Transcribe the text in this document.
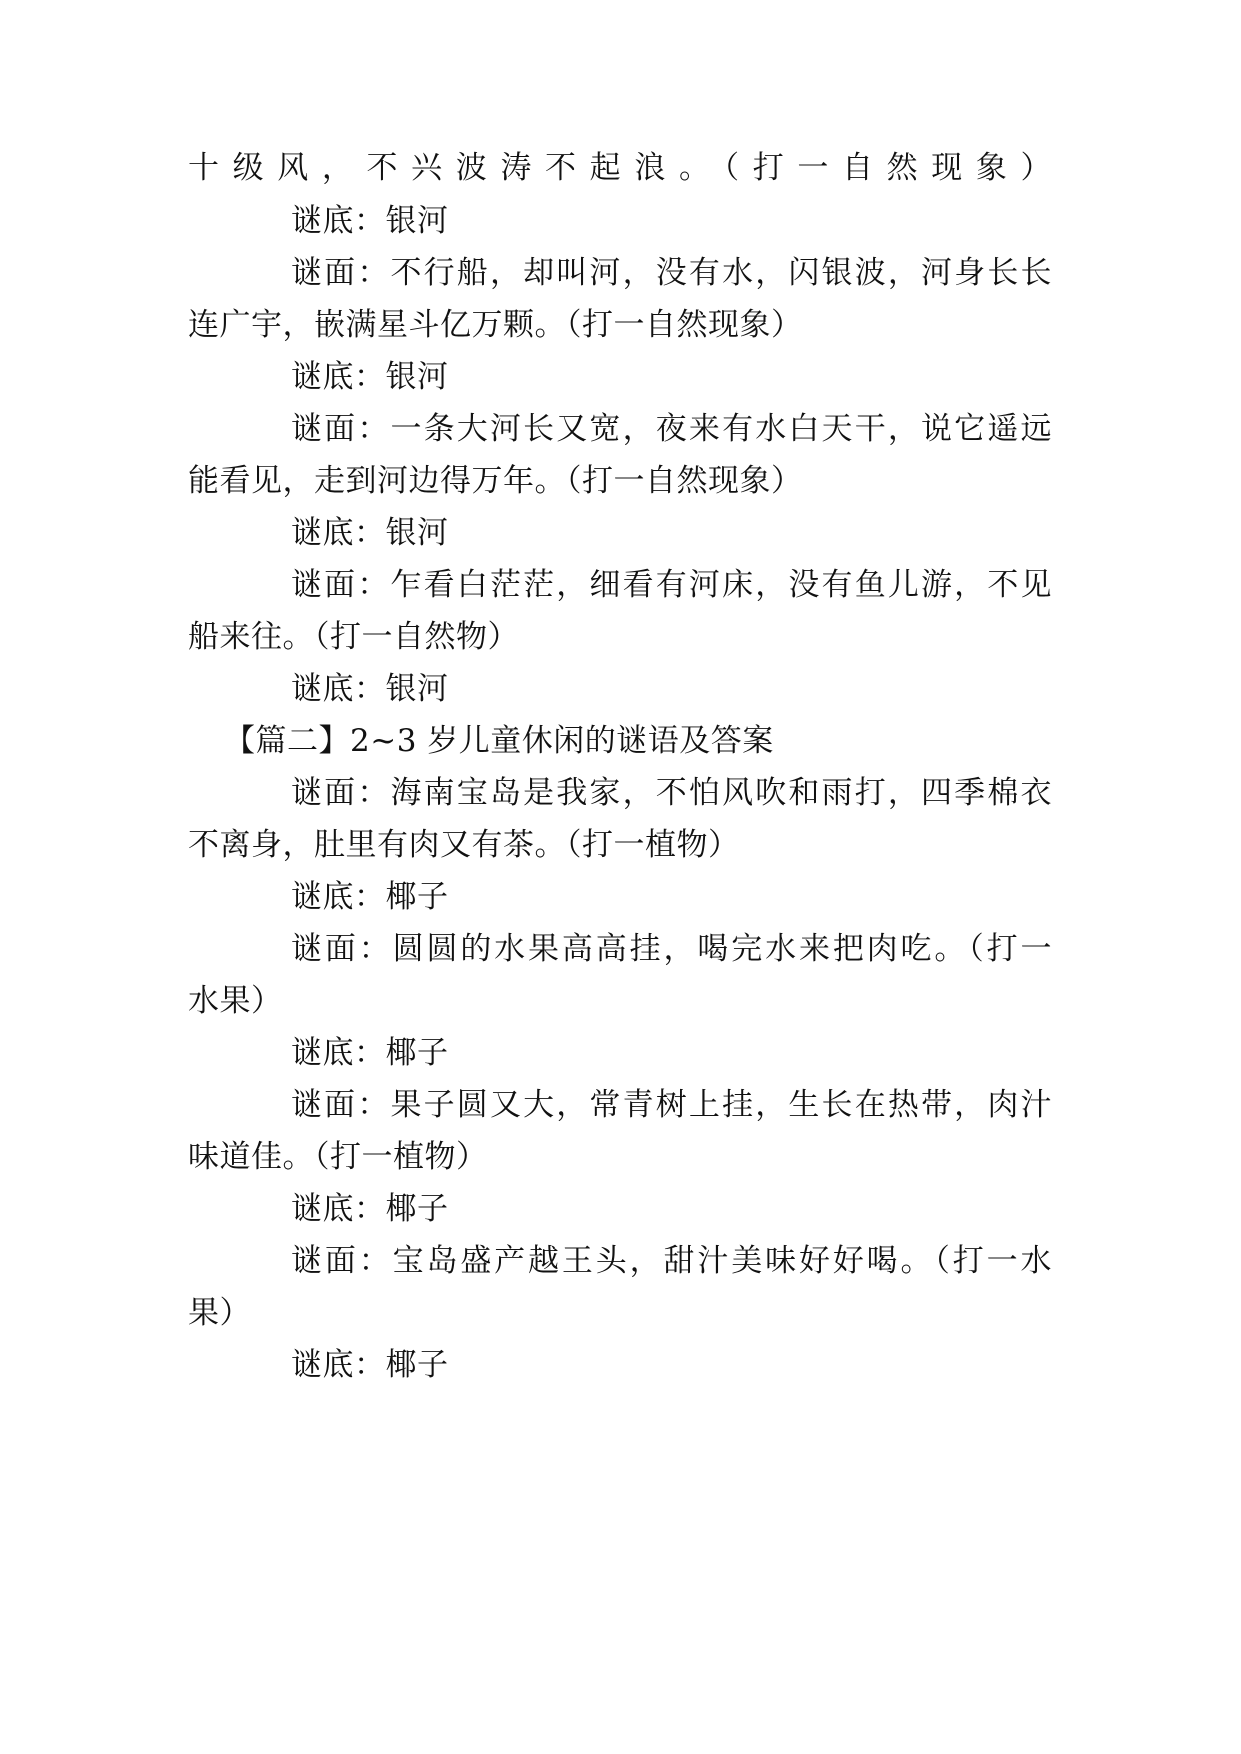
十级风，不兴波涛不起浪。（打一自然现象）
谜底：银河
谜面：不行船，却叫河，没有水，闪银波，河身长长
连广宇，嵌满星斗亿万颗。（打一自然现象）
谜底：银河
谜面：一条大河长又宽，夜来有水白天干，说它遥远
能看见，走到河边得万年。（打一自然现象）
谜底：银河
谜面：乍看白茫茫，细看有河床，没有鱼儿游，不见
船来往。（打一自然物）
谜底：银河
【篇二】2~3 岁儿童休闲的谜语及答案
谜面：海南宝岛是我家，不怕风吹和雨打，四季棉衣
不离身，肚里有肉又有茶。（打一植物）
谜底：椰子
谜面：圆圆的水果高高挂，喝完水来把肉吃。（打一
水果）
谜底：椰子
谜面：果子圆又大，常青树上挂，生长在热带，肉汁
味道佳。（打一植物）
谜底：椰子
谜面：宝岛盛产越王头，甜汁美味好好喝。（打一水
果）
谜底：椰子
